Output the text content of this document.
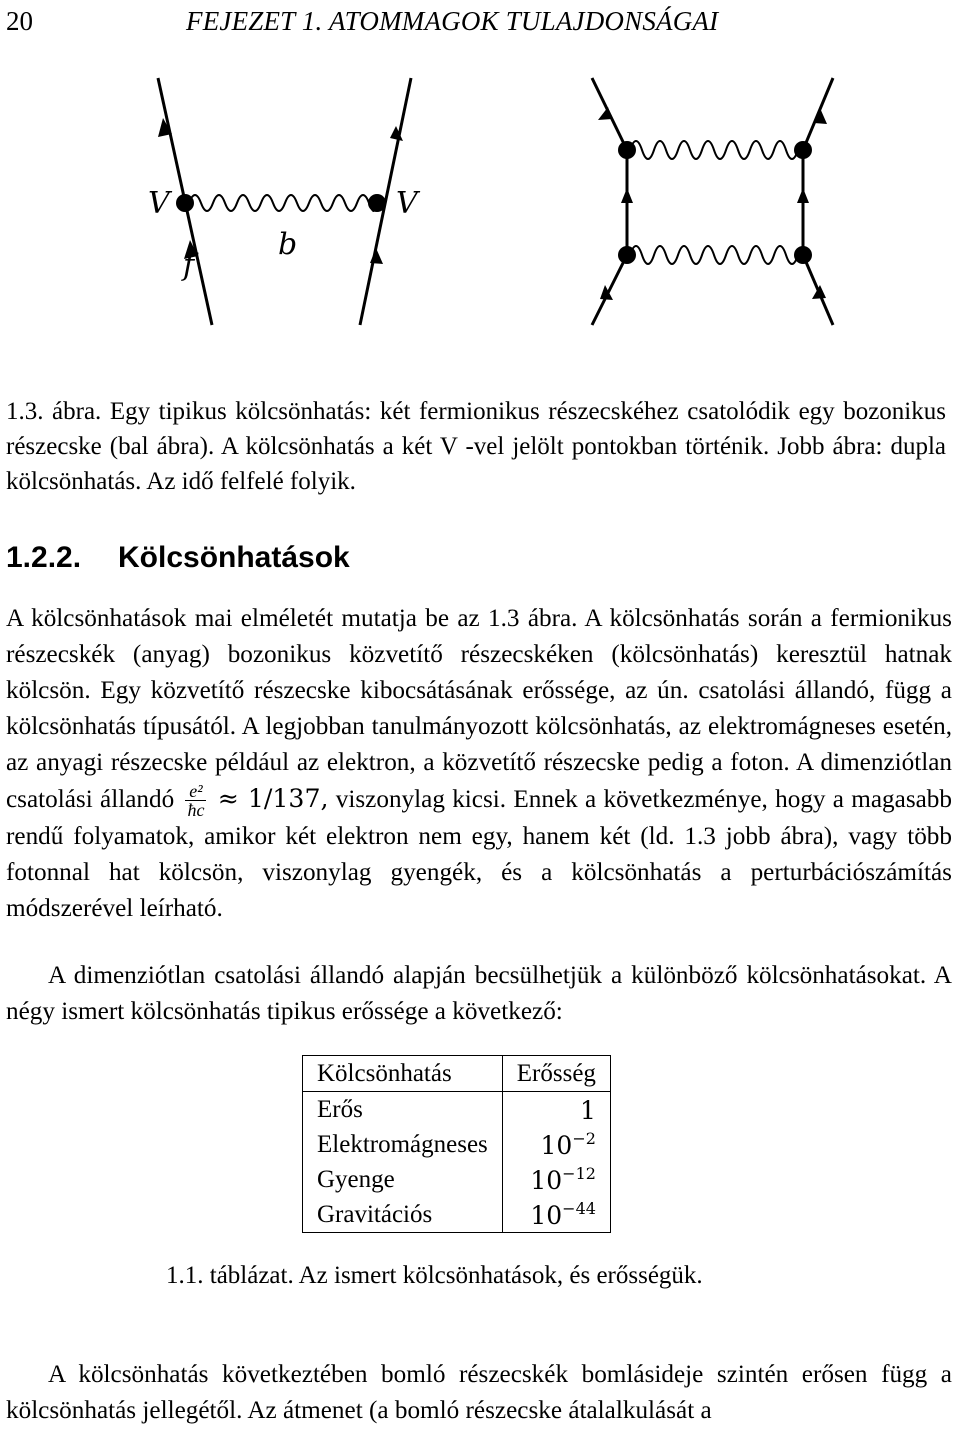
20	FEJEZET 1. ATOMMAGOK TULAJDONSÁGAI
V	V
f
b
1.3. ábra. Egy tipikus kölcsönhatás: két fermionikus részecskéhez csatolódik egy bozonikus részecske (bal ábra). A kölcsönhatás a két V -vel jelölt pontokban történik. Jobb ábra: dupla kölcsönhatás. Az idő felfelé folyik.
1.2.2. Kölcsönhatások
A kölcsönhatások mai elméletét mutatja be az 1.3 ábra. A kölcsönhatás során a fermionikus részecskék (anyag) bozonikus közvetítő részecskéken (kölcsönhatás) keresztül hatnak kölcsön. Egy közvetítő részecske kibocsátásának erőssége, az ún. csatolási állandó, függ a kölcsönhatás típusától. A legjobban tanulmányozott kölcsönhatás, az elektromágneses esetén, az anyagi részecske például az elektron, a közvetítő részecske pedig a foton. A dimenziótlan csatolási állandó $\frac{\text{e²}}{ħc} \approx 1/137$, viszonylag kicsi. Ennek a következménye, hogy a magasabb rendű folyamatok, amikor két elektron nem egy, hanem két (ld. 1.3 jobb ábra), vagy több fotonnal hat kölcsön, viszonylag gyengék, és a kölcsönhatás a perturbációszámítás módszerével leírható.
A dimenziótlan csatolási állandó alapján becsülhetjük a különböző kölcsönhatásokat. A négy ismert kölcsönhatás tipikus erőssége a következő:
Kölcsönhatás	Erősség
Erős	1
Elektromágneses	$10^{-2}$
Gyenge	$10^{-12}$
Gravitációs	$10^{-44}$
1.1. táblázat. Az ismert kölcsönhatások, és erősségük.
A kölcsönhatás következtében bomló részecskék bomlásideje szintén erősen függ a kölcsönhatás jellegétől. Az átmenet (a bomló részecske átalalkulását a
